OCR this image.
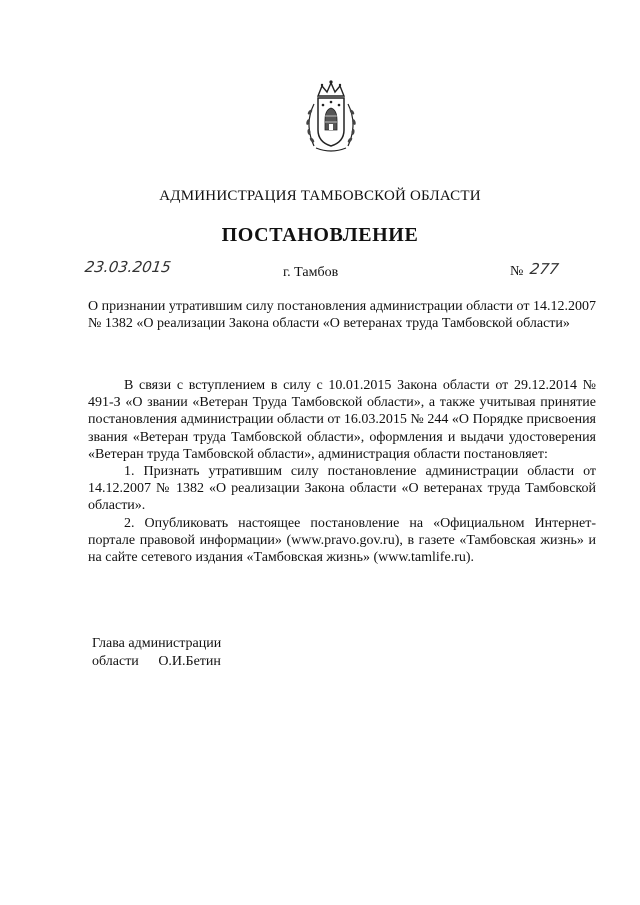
АДМИНИСТРАЦИЯ ТАМБОВСКОЙ ОБЛАСТИ
ПОСТАНОВЛЕНИЕ
23.03.2015	г. Тамбов	№ 277
О признании утратившим силу постановления администрации области от 14.12.2007 № 1382 «О реализации Закона области «О ветеранах труда Тамбовской области»

В связи с вступлением в силу с 10.01.2015 Закона области от 29.12.2014 № 491-З «О звании «Ветеран Труда Тамбовской области», а также учитывая принятие постановления администрации области от 16.03.2015 № 244 «О Порядке присвоения звания «Ветеран труда Тамбовской области», оформления и выдачи удостоверения «Ветеран труда Тамбовской области», администрация области постановляет:

1. Признать утратившим силу постановление администрации области от 14.12.2007 № 1382 «О реализации Закона области «О ветеранах труда Тамбовской области».

2. Опубликовать настоящее постановление на «Официальном Интернет-портале правовой информации» (www.pravo.gov.ru), в газете «Тамбовская жизнь» и на сайте сетевого издания «Тамбовская жизнь» (www.tamlife.ru).

Глава администрации
области О.И.Бетин
